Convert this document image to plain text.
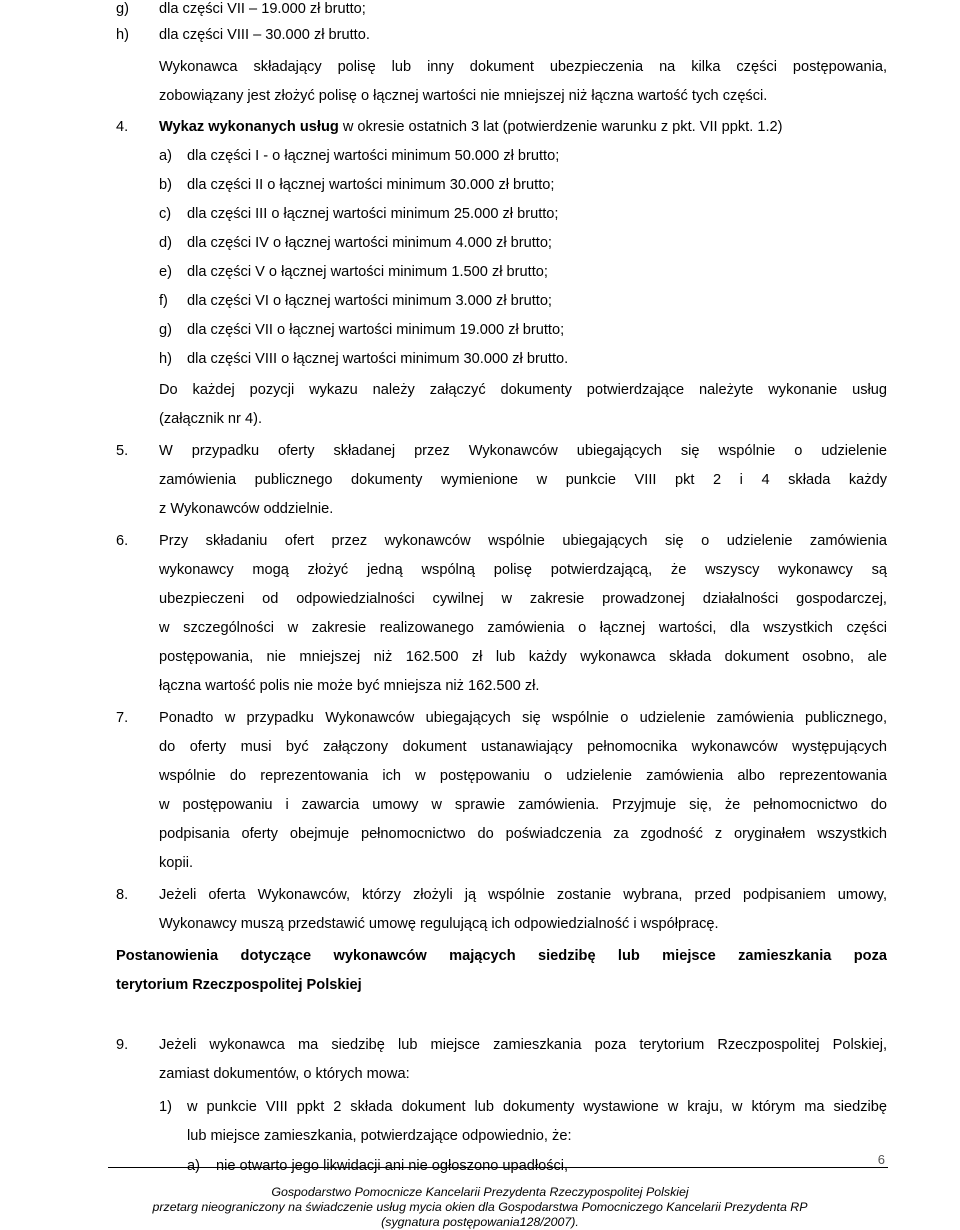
g) dla części VII – 19.000 zł brutto;
h) dla części VIII – 30.000 zł brutto.
Wykonawca składający polisę lub inny dokument ubezpieczenia na kilka części postępowania,
zobowiązany jest złożyć polisę o łącznej wartości nie mniejszej niż łączna wartość tych części.
4. Wykaz wykonanych usług w okresie ostatnich 3 lat (potwierdzenie warunku z pkt. VII ppkt. 1.2)
a) dla części I - o łącznej wartości minimum 50.000 zł brutto;
b) dla części II o łącznej wartości minimum 30.000 zł brutto;
c) dla części III o łącznej wartości minimum 25.000 zł brutto;
d) dla części IV o łącznej wartości minimum 4.000 zł brutto;
e) dla części V o łącznej wartości minimum 1.500 zł brutto;
f) dla części VI o łącznej wartości minimum 3.000 zł brutto;
g) dla części VII o łącznej wartości minimum 19.000 zł brutto;
h) dla części VIII o łącznej wartości minimum 30.000 zł brutto.
Do każdej pozycji wykazu należy załączyć dokumenty potwierdzające należyte wykonanie usług
(załącznik nr 4).
5. W przypadku oferty składanej przez Wykonawców ubiegających się wspólnie o udzielenie
zamówienia publicznego dokumenty wymienione w punkcie VIII pkt 2 i 4 składa każdy
z Wykonawców oddzielnie.
6. Przy składaniu ofert przez wykonawców wspólnie ubiegających się o udzielenie zamówienia
wykonawcy mogą złożyć jedną wspólną polisę potwierdzającą, że wszyscy wykonawcy są
ubezpieczeni od odpowiedzialności cywilnej w zakresie prowadzonej działalności gospodarczej,
w szczególności w zakresie realizowanego zamówienia o łącznej wartości, dla wszystkich części
postępowania, nie mniejszej niż 162.500 zł lub każdy wykonawca składa dokument osobno, ale
łączna wartość polis nie może być mniejsza niż 162.500 zł.
7. Ponadto w przypadku Wykonawców ubiegających się wspólnie o udzielenie zamówienia publicznego,
do oferty musi być załączony dokument ustanawiający pełnomocnika wykonawców występujących
wspólnie do reprezentowania ich w postępowaniu o udzielenie zamówienia albo reprezentowania
w postępowaniu i zawarcia umowy w sprawie zamówienia. Przyjmuje się, że pełnomocnictwo do
podpisania oferty obejmuje pełnomocnictwo do poświadczenia za zgodność z oryginałem wszystkich
kopii.
8. Jeżeli oferta Wykonawców, którzy złożyli ją wspólnie zostanie wybrana, przed podpisaniem umowy,
Wykonawcy muszą przedstawić umowę regulującą ich odpowiedzialność i współpracę.
Postanowienia dotyczące wykonawców mających siedzibę lub miejsce zamieszkania poza
terytorium Rzeczpospolitej Polskiej
9. Jeżeli wykonawca ma siedzibę lub miejsce zamieszkania poza terytorium Rzeczpospolitej Polskiej,
zamiast dokumentów, o których mowa:
1) w punkcie VIII ppkt 2 składa dokument lub dokumenty wystawione w kraju, w którym ma siedzibę
lub miejsce zamieszkania, potwierdzające odpowiednio, że:
a) nie otwarto jego likwidacji ani nie ogłoszono upadłości,	6
Gospodarstwo Pomocnicze Kancelarii Prezydenta Rzeczypospolitej Polskiej
przetarg nieograniczony na świadczenie usług mycia okien dla Gospodarstwa Pomocniczego Kancelarii Prezydenta RP
(sygnatura postępowania128/2007).
